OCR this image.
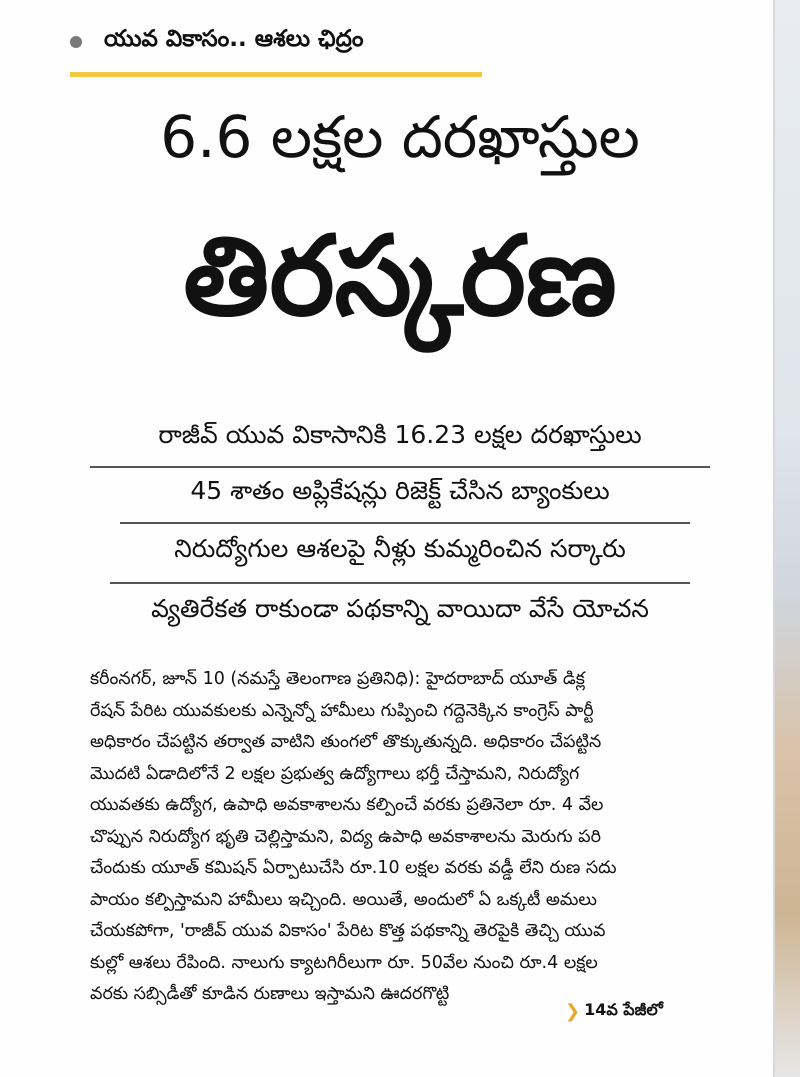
యువ వికాసం.. ఆశలు ఛిద్రం
6.6 లక్షల దరఖాస్తుల
తిరస్కరణ
రాజీవ్ యువ వికాసానికి 16.23 లక్షల దరఖాస్తులు
45 శాతం అప్లికేషన్లు రిజెక్ట్ చేసిన బ్యాంకులు
నిరుద్యోగుల ఆశలపై నీళ్లు కుమ్మరించిన సర్కారు
వ్యతిరేకత రాకుండా పథకాన్ని వాయిదా వేసే యోచన
కరీంనగర్, జూన్ 10 (నమస్తే తెలంగాణ ప్రతినిధి): హైదరాబాద్ యూత్ డిక్ల
రేషన్ పేరిట యువకులకు ఎన్నెన్నో హామీలు గుప్పించి గద్దెనెక్కిన కాంగ్రెస్ పార్టీ
అధికారం చేపట్టిన తర్వాత వాటిని తుంగలో తొక్కుతున్నది. అధికారం చేపట్టిన
మొదటి ఏడాదిలోనే 2 లక్షల ప్రభుత్వ ఉద్యోగాలు భర్తీ చేస్తామని, నిరుద్యోగ
యువతకు ఉద్యోగ, ఉపాధి అవకాశాలను కల్పించే వరకు ప్రతినెలా రూ. 4 వేల
చొప్పున నిరుద్యోగ భృతి చెల్లిస్తామని, విద్య ఉపాధి అవకాశాలను మెరుగు పరి
చేందుకు యూత్ కమిషన్ ఏర్పాటుచేసి రూ.10 లక్షల వరకు వడ్డీ లేని రుణ సదు
పాయం కల్పిస్తామని హామీలు ఇచ్చింది. అయితే, అందులో ఏ ఒక్కటీ అమలు
చేయకపోగా, 'రాజీవ్ యువ వికాసం' పేరిట కొత్త పథకాన్ని తెరపైకి తెచ్చి యువ
కుల్లో ఆశలు రేపింది. నాలుగు క్యాటగిరీలుగా రూ. 50వేల నుంచి రూ.4 లక్షల
వరకు సబ్సిడీతో కూడిన రుణాలు ఇస్తామని ఊదరగొట్టి
❯ 14వ పేజీలో
